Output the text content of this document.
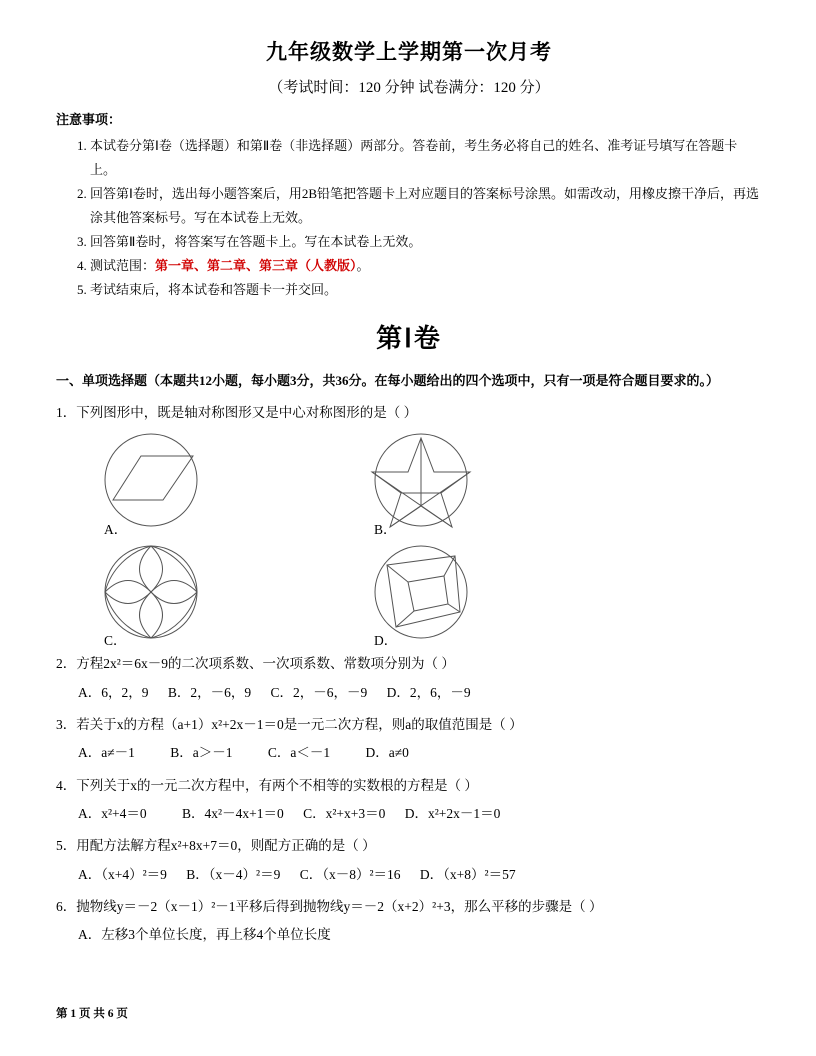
九年级数学上学期第一次月考
（考试时间：120 分钟 试卷满分：120 分）
注意事项：
1. 本试卷分第Ⅰ卷（选择题）和第Ⅱ卷（非选择题）两部分。答卷前，考生务必将自己的姓名、准考证号填写在答题卡上。
2. 回答第Ⅰ卷时，选出每小题答案后，用2B铅笔把答题卡上对应题目的答案标号涂黑。如需改动，用橡皮擦干净后，再选涂其他答案标号。写在本试卷上无效。
3. 回答第Ⅱ卷时，将答案写在答题卡上。写在本试卷上无效。
4. 测试范围：第一章、第二章、第三章（人教版）。
5. 考试结束后，将本试卷和答题卡一并交回。
第Ⅰ卷
一、单项选择题（本题共12小题，每小题3分，共36分。在每小题给出的四个选项中，只有一项是符合题目要求的。）
1．下列图形中，既是轴对称图形又是中心对称图形的是（ ）
A．	B．
C．	D．
2．方程2x²＝6x－9的二次项系数、一次项系数、常数项分别为（ ）
A．6，2，9 B．2，－6，9 C．2，－6，－9 D．2，6，－9
3．若关于x的方程（a+1）x²+2x－1＝0是一元二次方程，则a的取值范围是（ ）
A．a≠－1	B．a＞－1	C．a＜－1	D．a≠0
4．下列关于x的一元二次方程中，有两个不相等的实数根的方程是（ ）
A．x²+4＝0	B．4x²－4x+1＝0 C．x²+x+3＝0 D．x²+2x－1＝0
5．用配方法解方程x²+8x+7＝0，则配方正确的是（ ）
A．（x+4）²＝9 B．（x－4）²＝9 C．（x－8）²＝16 D．（x+8）²＝57
6．抛物线y＝－2（x－1）²－1平移后得到抛物线y＝－2（x+2）²+3，那么平移的步骤是（ ）
A．左移3个单位长度，再上移4个单位长度
第 1 页 共 6 页
